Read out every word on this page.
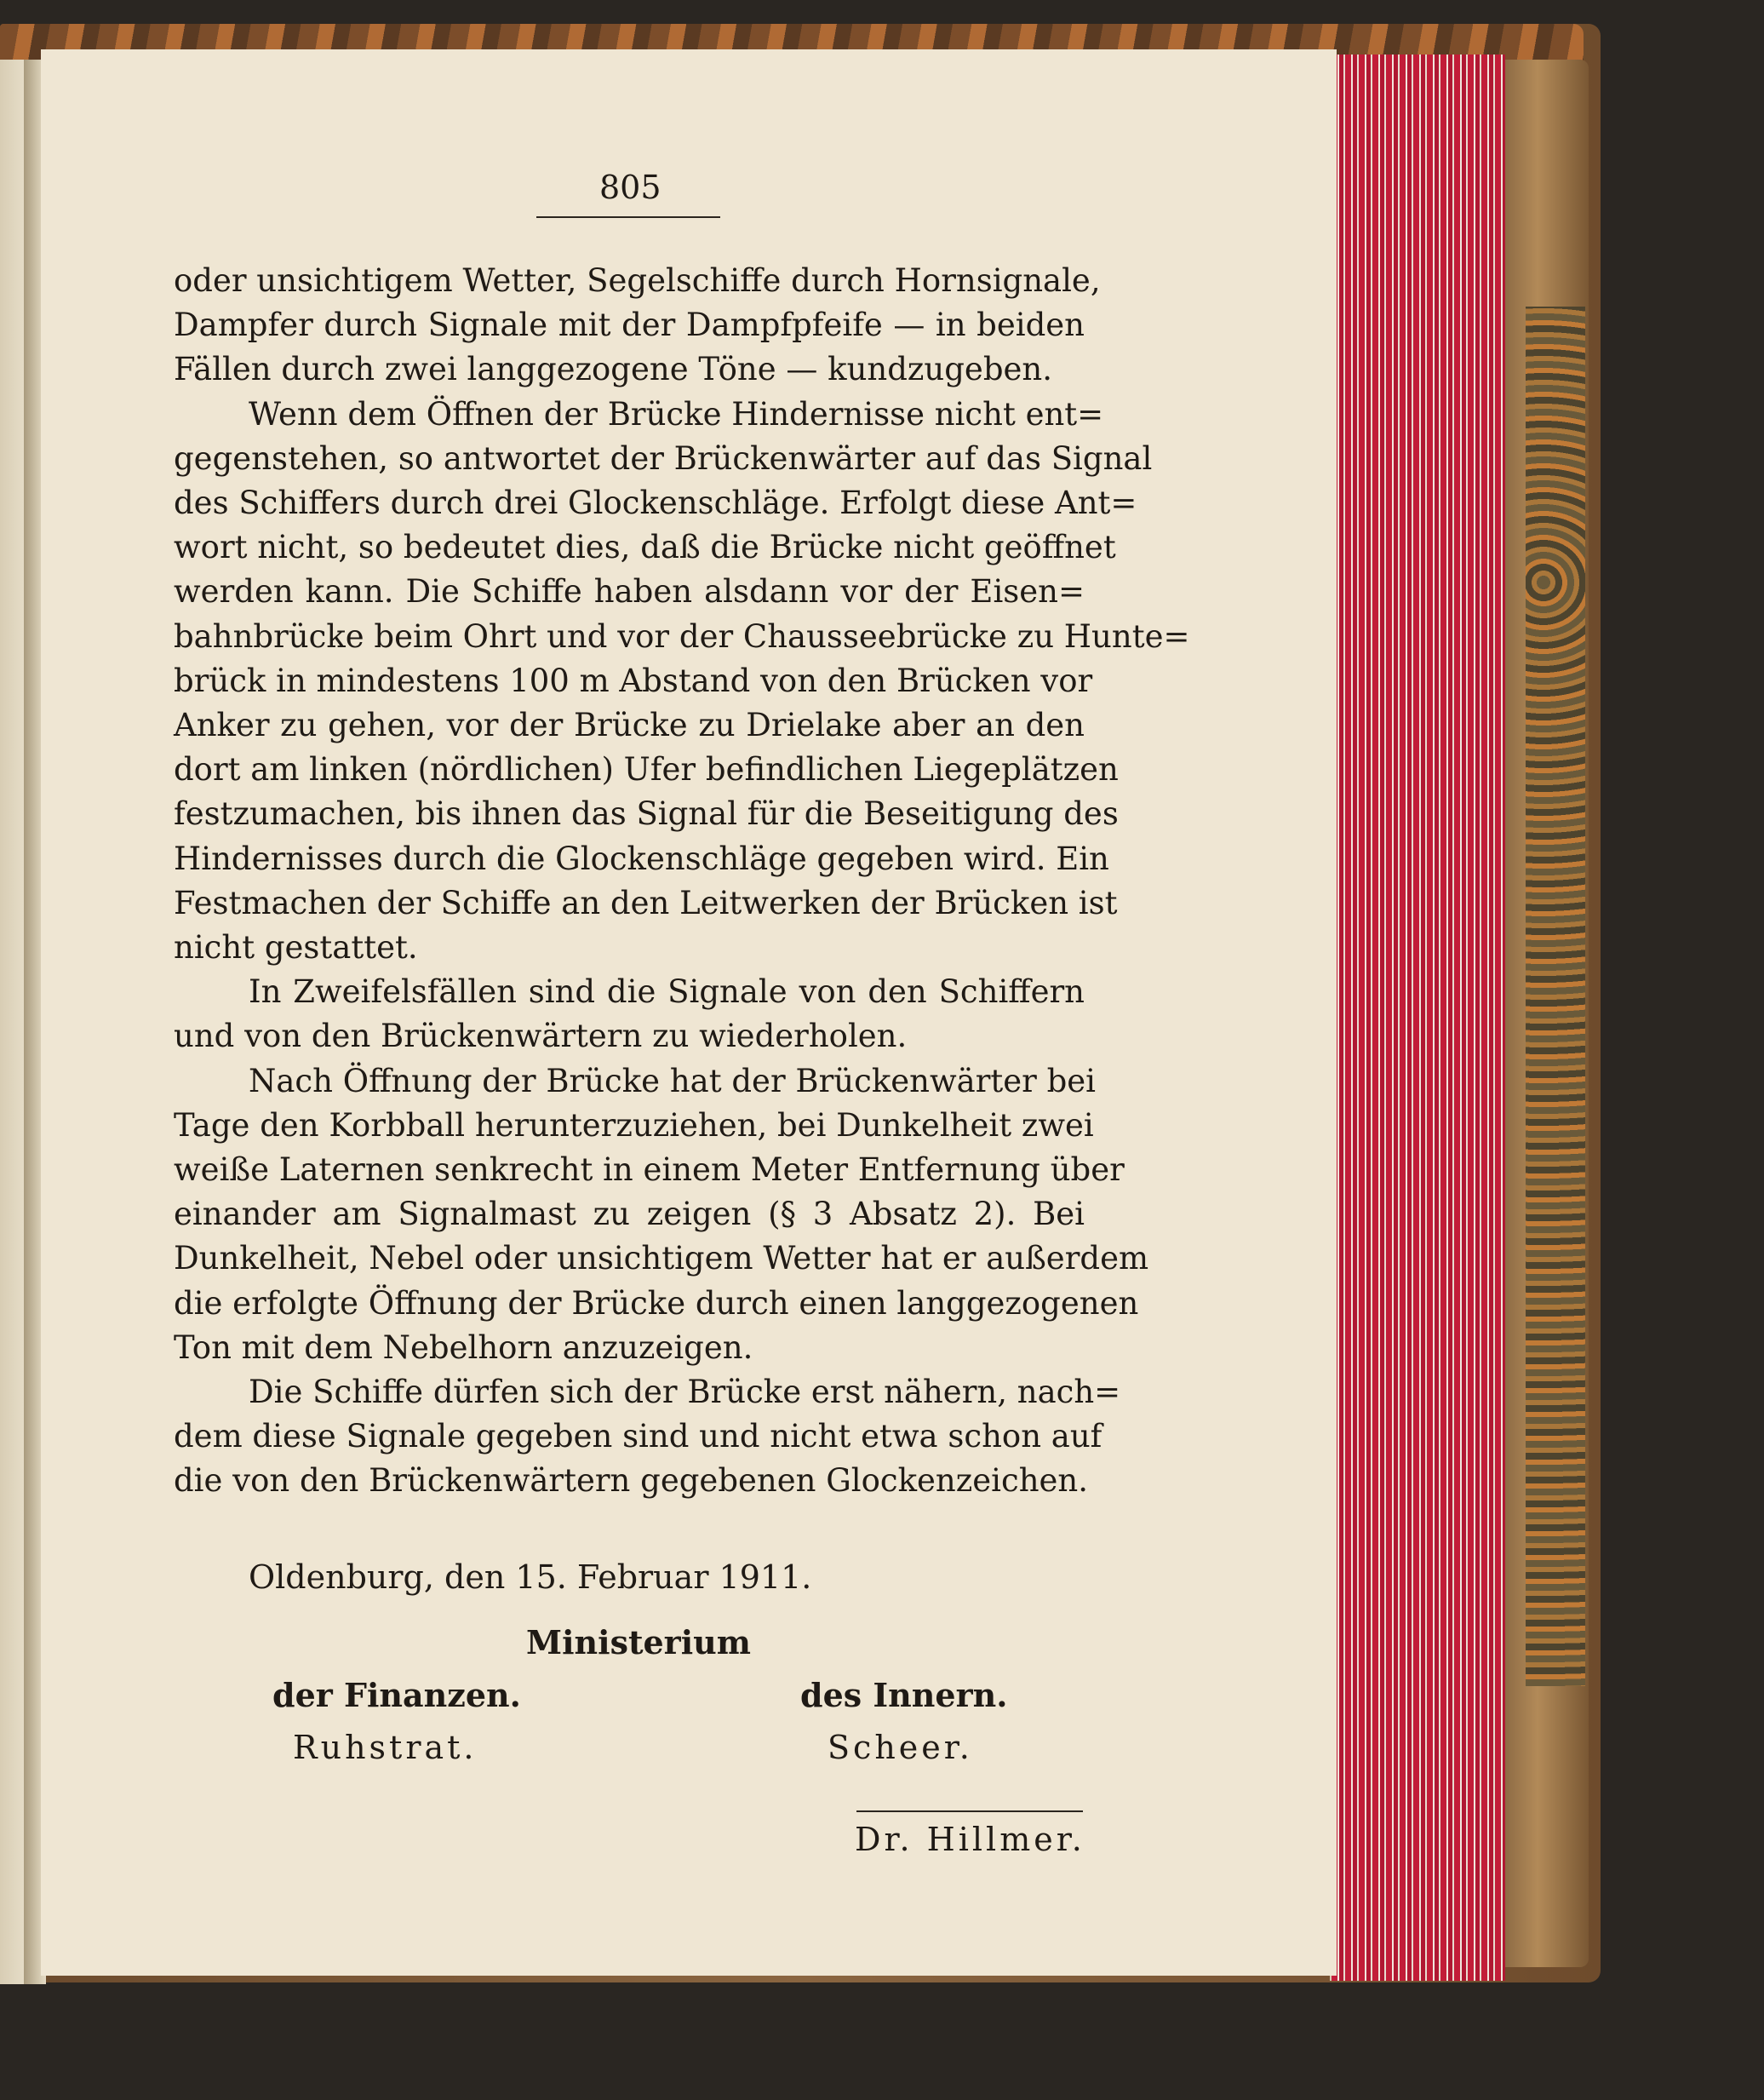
805
oder unsichtigem Wetter, Segelschiffe durch Hornsignale,
Dampfer durch Signale mit der Dampfpfeife — in beiden
Fällen durch zwei langgezogene Töne — kundzugeben.
Wenn dem Öffnen der Brücke Hindernisse nicht ent=
gegenstehen, so antwortet der Brückenwärter auf das Signal
des Schiffers durch drei Glockenschläge. Erfolgt diese Ant=
wort nicht, so bedeutet dies, daß die Brücke nicht geöffnet
werden kann. Die Schiffe haben alsdann vor der Eisen=
bahnbrücke beim Ohrt und vor der Chausseebrücke zu Hunte=
brück in mindestens 100 m Abstand von den Brücken vor
Anker zu gehen, vor der Brücke zu Drielake aber an den
dort am linken (nördlichen) Ufer befindlichen Liegeplätzen
festzumachen, bis ihnen das Signal für die Beseitigung des
Hindernisses durch die Glockenschläge gegeben wird. Ein
Festmachen der Schiffe an den Leitwerken der Brücken ist
nicht gestattet.
In Zweifelsfällen sind die Signale von den Schiffern
und von den Brückenwärtern zu wiederholen.
Nach Öffnung der Brücke hat der Brückenwärter bei
Tage den Korbball herunterzuziehen, bei Dunkelheit zwei
weiße Laternen senkrecht in einem Meter Entfernung über
einander am Signalmast zu zeigen (§ 3 Absatz 2). Bei
Dunkelheit, Nebel oder unsichtigem Wetter hat er außerdem
die erfolgte Öffnung der Brücke durch einen langgezogenen
Ton mit dem Nebelhorn anzuzeigen.
Die Schiffe dürfen sich der Brücke erst nähern, nach=
dem diese Signale gegeben sind und nicht etwa schon auf
die von den Brückenwärtern gegebenen Glockenzeichen.
Oldenburg, den 15. Februar 1911.
Ministerium
der Finanzen.	des Innern.
Ruhstrat.	Scheer.
Dr. Hillmer.
